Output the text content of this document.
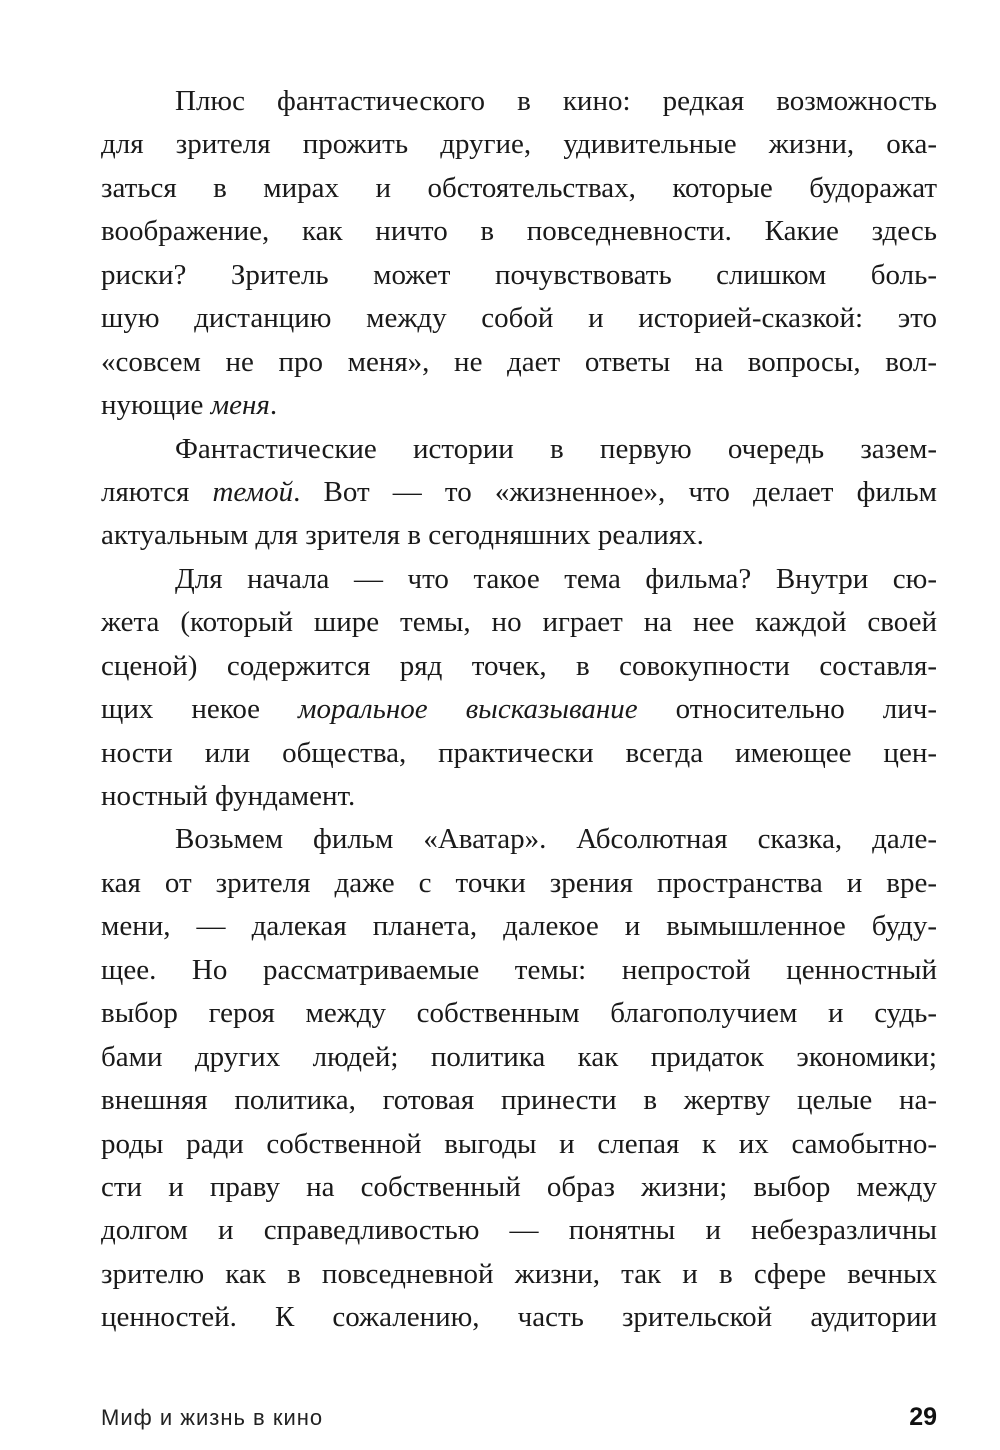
Плюс фантастического в кино: редкая возможность
для зрителя прожить другие, удивительные жизни, ока-
заться в мирах и обстоятельствах, которые будоражат
воображение, как ничто в повседневности. Какие здесь
риски? Зритель может почувствовать слишком боль-
шую дистанцию между собой и историей-сказкой: это
«совсем не про меня», не дает ответы на вопросы, вол-
нующие меня.
Фантастические истории в первую очередь зазем-
ляются темой. Вот — то «жизненное», что делает фильм
актуальным для зрителя в сегодняшних реалиях.
Для начала — что такое тема фильма? Внутри сю-
жета (который шире темы, но играет на нее каждой своей
сценой) содержится ряд точек, в совокупности составля-
щих некое моральное высказывание относительно лич-
ности или общества, практически всегда имеющее цен-
ностный фундамент.
Возьмем фильм «Аватар». Абсолютная сказка, дале-
кая от зрителя даже с точки зрения пространства и вре-
мени, — далекая планета, далекое и вымышленное буду-
щее. Но рассматриваемые темы: непростой ценностный
выбор героя между собственным благополучием и судь-
бами других людей; политика как придаток экономики;
внешняя политика, готовая принести в жертву целые на-
роды ради собственной выгоды и слепая к их самобытно-
сти и праву на собственный образ жизни; выбор между
долгом и справедливостью — понятны и небезразличны
зрителю как в повседневной жизни, так и в сфере вечных
ценностей. К сожалению, часть зрительской аудитории
Миф и жизнь в кино	29
